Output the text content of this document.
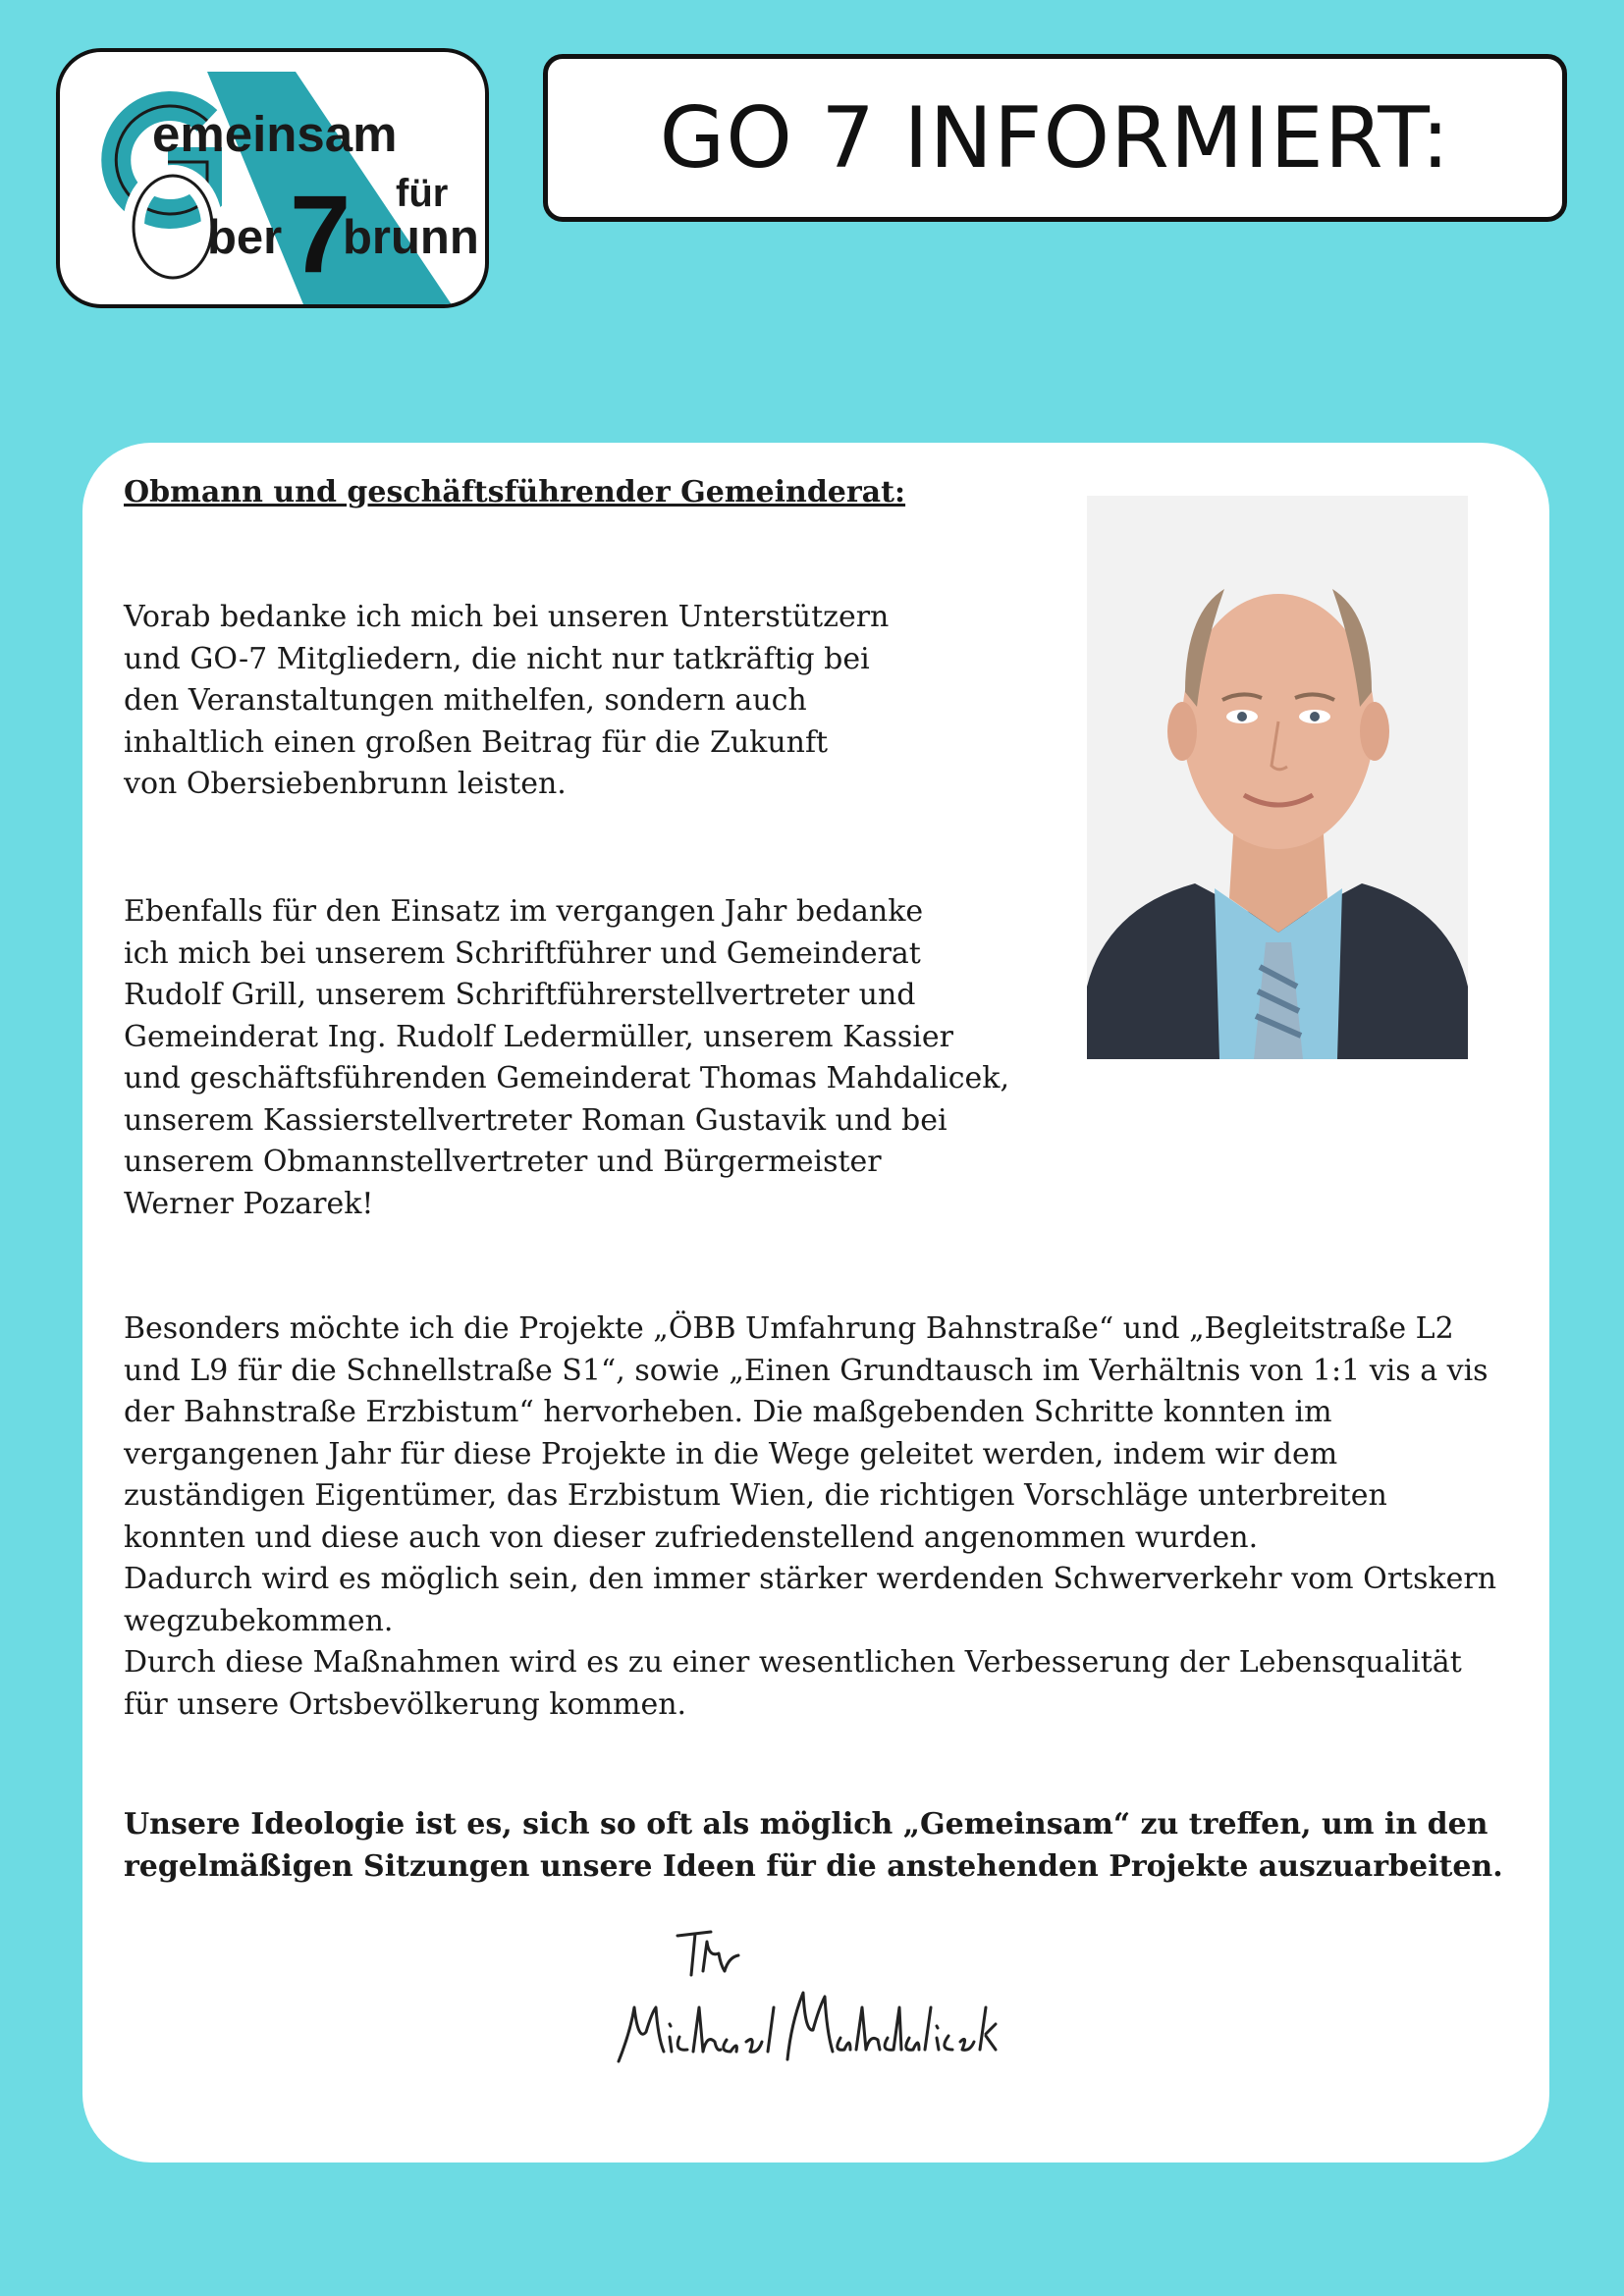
emeinsam
für
ber 7
brunn
GO 7 INFORMIERT:
Obmann und geschäftsführender Gemeinderat:
Vorab bedanke ich mich bei unseren Unterstützern
und GO-7 Mitgliedern, die nicht nur tatkräftig bei
den Veranstaltungen mithelfen, sondern auch
inhaltlich einen großen Beitrag für die Zukunft
von Obersiebenbrunn leisten.
Ebenfalls für den Einsatz im vergangen Jahr bedanke
ich mich bei unserem Schriftführer und Gemeinderat
Rudolf Grill, unserem Schriftführerstellvertreter und
Gemeinderat Ing. Rudolf Ledermüller, unserem Kassier
und geschäftsführenden Gemeinderat Thomas Mahdalicek,
unserem Kassierstellvertreter Roman Gustavik und bei
unserem Obmannstellvertreter und Bürgermeister
Werner Pozarek!
Besonders möchte ich die Projekte „ÖBB Umfahrung Bahnstraße“ und „Begleitstraße L2
und L9 für die Schnellstraße S1“, sowie „Einen Grundtausch im Verhältnis von 1:1 vis a vis
der Bahnstraße Erzbistum“ hervorheben. Die maßgebenden Schritte konnten im
vergangenen Jahr für diese Projekte in die Wege geleitet werden, indem wir dem
zuständigen Eigentümer, das Erzbistum Wien, die richtigen Vorschläge unterbreiten
konnten und diese auch von dieser zufriedenstellend angenommen wurden.
Dadurch wird es möglich sein, den immer stärker werdenden Schwerverkehr vom Ortskern
wegzubekommen.
Durch diese Maßnahmen wird es zu einer wesentlichen Verbesserung der Lebensqualität
für unsere Ortsbevölkerung kommen.
Unsere Ideologie ist es, sich so oft als möglich „Gemeinsam“ zu treffen, um in den
regelmäßigen Sitzungen unsere Ideen für die anstehenden Projekte auszuarbeiten.
